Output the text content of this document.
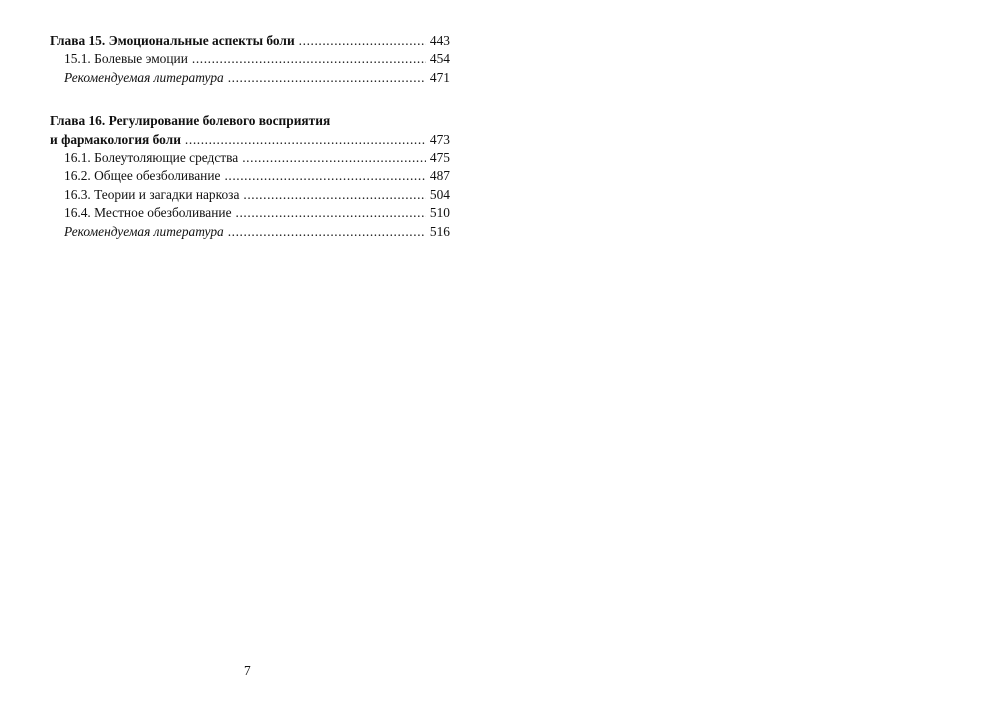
Глава 15. Эмоциональные аспекты боли .....	443
15.1. Болевые эмоции .....	454
Рекомендуемая литература .....	471
Глава 16. Регулирование болевого восприятия
и фармакология боли .....	473
16.1. Болеутоляющие средства .....	475
16.2. Общее обезболивание .....	487
16.3. Теории и загадки наркоза .....	504
16.4. Местное обезболивание .....	510
Рекомендуемая литература .....	516
7
